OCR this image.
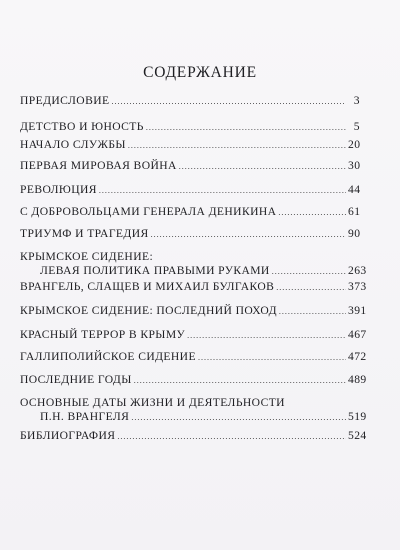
СОДЕРЖАНИЕ
ПРЕДИСЛОВИЕ .....	3
ДЕТСТВО И ЮНОСТЬ .....	5
НАЧАЛО СЛУЖБЫ .....	20
ПЕРВАЯ МИРОВАЯ ВОЙНА .....	30
РЕВОЛЮЦИЯ .....	44
С ДОБРОВОЛЬЦАМИ ГЕНЕРАЛА ДЕНИКИНА .....	61
ТРИУМФ И ТРАГЕДИЯ .....	90
КРЫМСКОЕ СИДЕНИЕ:
ЛЕВАЯ ПОЛИТИКА ПРАВЫМИ РУКАМИ .....	263
ВРАНГЕЛЬ, СЛАЩЕВ И МИХАИЛ БУЛГАКОВ .....	373
КРЫМСКОЕ СИДЕНИЕ: ПОСЛЕДНИЙ ПОХОД .....	391
КРАСНЫЙ ТЕРРОР В КРЫМУ .....	467
ГАЛЛИПОЛИЙСКОЕ СИДЕНИЕ .....	472
ПОСЛЕДНИЕ ГОДЫ .....	489
ОСНОВНЫЕ ДАТЫ ЖИЗНИ И ДЕЯТЕЛЬНОСТИ
П.Н. ВРАНГЕЛЯ .....	519
БИБЛИОГРАФИЯ .....	524
